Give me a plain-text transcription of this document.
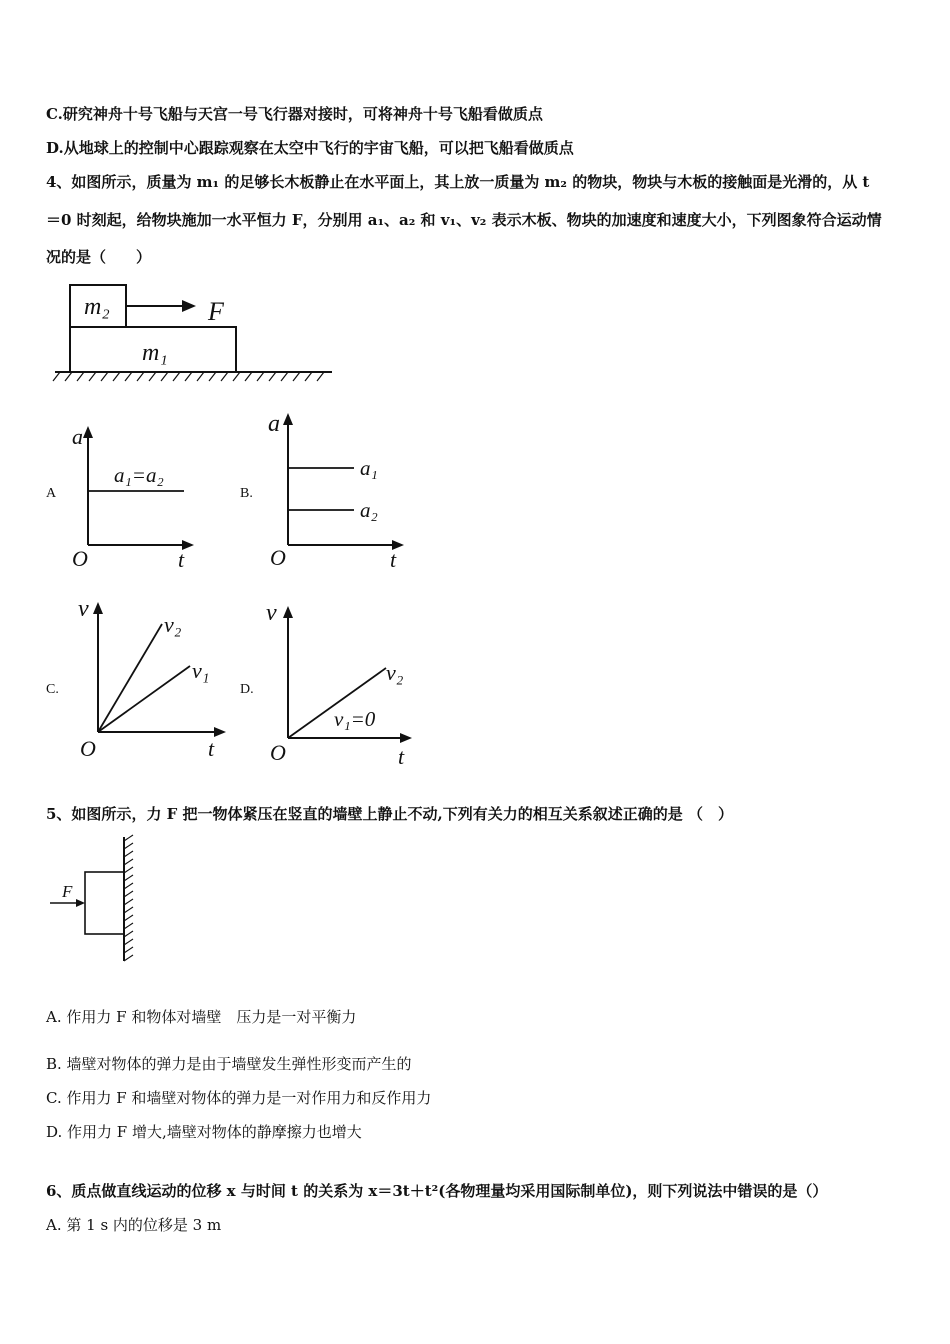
C.研究神舟十号飞船与天宫一号飞行器对接时，可将神舟十号飞船看做质点
D.从地球上的控制中心跟踪观察在太空中飞行的宇宙飞船，可以把飞船看做质点
4、如图所示，质量为 m₁ 的足够长木板静止在水平面上，其上放一质量为 m₂ 的物块，物块与木板的接触面是光滑的，从 t
＝0 时刻起，给物块施加一水平恒力 F，分别用 a₁、a₂ 和 v₁、v₂ 表示木板、物块的加速度和速度大小，下列图象符合运动情
况的是（　　）
m₂
m₁
F
A
a
t
O
a₁=a₂
B.
a
t
O
a₁
a₂
C.
v
t
O
v₂
v₁
D.
v
t
O
v₂
v₁=0
5、如图所示，力 F 把一物体紧压在竖直的墙壁上静止不动,下列有关力的相互关系叙述正确的是 （　）
F
A. 作用力 F 和物体对墙壁　压力是一对平衡力
B. 墙壁对物体的弹力是由于墙壁发生弹性形变而产生的
C. 作用力 F 和墙壁对物体的弹力是一对作用力和反作用力
D. 作用力 F 增大,墙壁对物体的静摩擦力也增大
6、质点做直线运动的位移 x 与时间 t 的关系为 x＝3t＋t²(各物理量均采用国际制单位)，则下列说法中错误的是（）
A. 第 1 s 内的位移是 3 m
